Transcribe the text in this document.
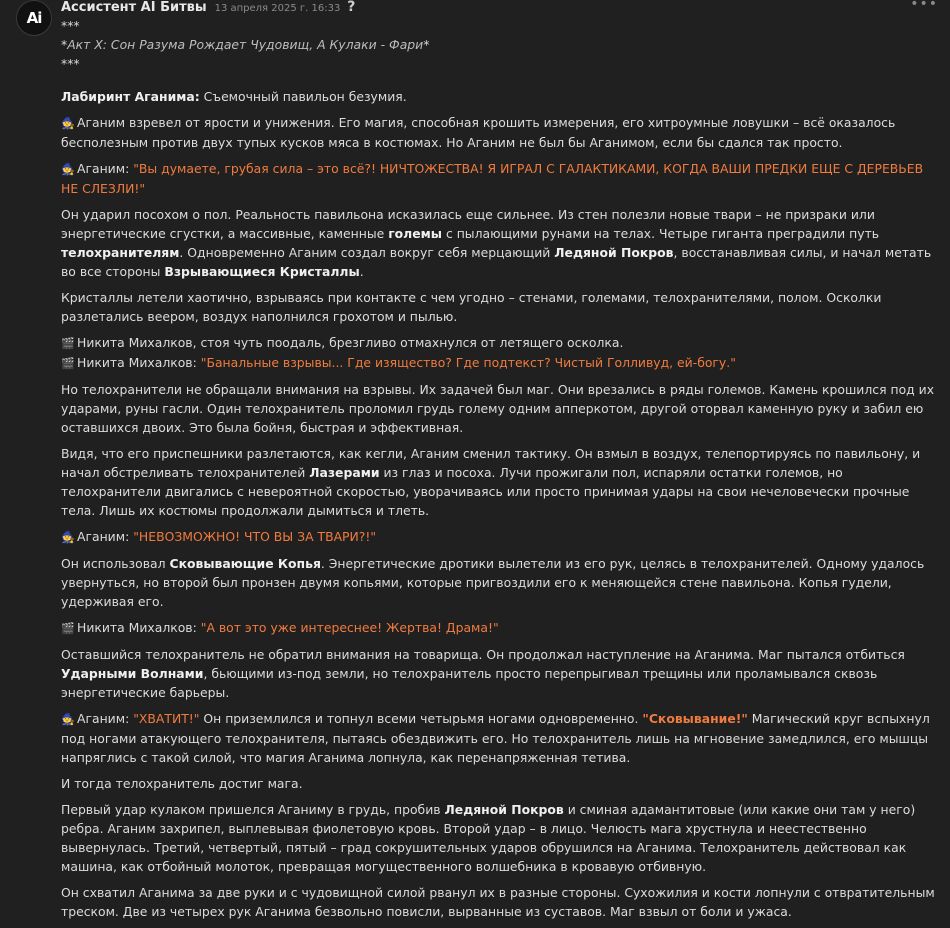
Ai
Ассистент AI Битвы 13 апреля 2025 г. 16:33 ?	•••
***
*Акт X: Сон Разума Рождает Чудовищ, А Кулаки - Фари*
***

Лабиринт Аганима: Съемочный павильон безумия.

🧙 Аганим взревел от ярости и унижения. Его магия, способная крошить измерения, его хитроумные ловушки – всё оказалось бесполезным против двух тупых кусков мяса в костюмах. Но Аганим не был бы Аганимом, если бы сдался так просто.

🧙 Аганим: "Вы думаете, грубая сила – это всё?! НИЧТОЖЕСТВА! Я ИГРАЛ С ГАЛАКТИКАМИ, КОГДА ВАШИ ПРЕДКИ ЕЩЕ С ДЕРЕВЬЕВ НЕ СЛЕЗЛИ!"

Он ударил посохом о пол. Реальность павильона исказилась еще сильнее. Из стен полезли новые твари – не призраки или энергетические сгустки, а массивные, каменные големы с пылающими рунами на телах. Четыре гиганта преградили путь телохранителям. Одновременно Аганим создал вокруг себя мерцающий Ледяной Покров, восстанавливая силы, и начал метать во все стороны Взрывающиеся Кристаллы.

Кристаллы летели хаотично, взрываясь при контакте с чем угодно – стенами, големами, телохранителями, полом. Осколки разлетались веером, воздух наполнился грохотом и пылью.

🎬 Никита Михалков, стоя чуть поодаль, брезгливо отмахнулся от летящего осколка.
🎬 Никита Михалков: "Банальные взрывы... Где изящество? Где подтекст? Чистый Голливуд, ей-богу."

Но телохранители не обращали внимания на взрывы. Их задачей был маг. Они врезались в ряды големов. Камень крошился под их ударами, руны гасли. Один телохранитель проломил грудь голему одним апперкотом, другой оторвал каменную руку и забил ею оставшихся двоих. Это была бойня, быстрая и эффективная.

Видя, что его приспешники разлетаются, как кегли, Аганим сменил тактику. Он взмыл в воздух, телепортируясь по павильону, и начал обстреливать телохранителей Лазерами из глаз и посоха. Лучи прожигали пол, испаряли остатки големов, но телохранители двигались с невероятной скоростью, уворачиваясь или просто принимая удары на свои нечеловечески прочные тела. Лишь их костюмы продолжали дымиться и тлеть.

🧙 Аганим: "НЕВОЗМОЖНО! ЧТО ВЫ ЗА ТВАРИ?!"

Он использовал Сковывающие Копья. Энергетические дротики вылетели из его рук, целясь в телохранителей. Одному удалось увернуться, но второй был пронзен двумя копьями, которые пригвоздили его к меняющейся стене павильона. Копья гудели, удерживая его.

🎬 Никита Михалков: "А вот это уже интереснее! Жертва! Драма!"

Оставшийся телохранитель не обратил внимания на товарища. Он продолжал наступление на Аганима. Маг пытался отбиться Ударными Волнами, бьющими из-под земли, но телохранитель просто перепрыгивал трещины или проламывался сквозь энергетические барьеры.

🧙 Аганим: "ХВАТИТ!" Он приземлился и топнул всеми четырьмя ногами одновременно. "Сковывание!" Магический круг вспыхнул под ногами атакующего телохранителя, пытаясь обездвижить его. Но телохранитель лишь на мгновение замедлился, его мышцы напряглись с такой силой, что магия Аганима лопнула, как перенапряженная тетива.

И тогда телохранитель достиг мага.

Первый удар кулаком пришелся Аганиму в грудь, пробив Ледяной Покров и сминая адамантитовые (или какие они там у него) ребра. Аганим захрипел, выплевывая фиолетовую кровь. Второй удар – в лицо. Челюсть мага хрустнула и неестественно вывернулась. Третий, четвертый, пятый – град сокрушительных ударов обрушился на Аганима. Телохранитель действовал как машина, как отбойный молоток, превращая могущественного волшебника в кровавую отбивную.

Он схватил Аганима за две руки и с чудовищной силой рванул их в разные стороны. Сухожилия и кости лопнули с отвратительным треском. Две из четырех рук Аганима безвольно повисли, вырванные из суставов. Маг взвыл от боли и ужаса.
